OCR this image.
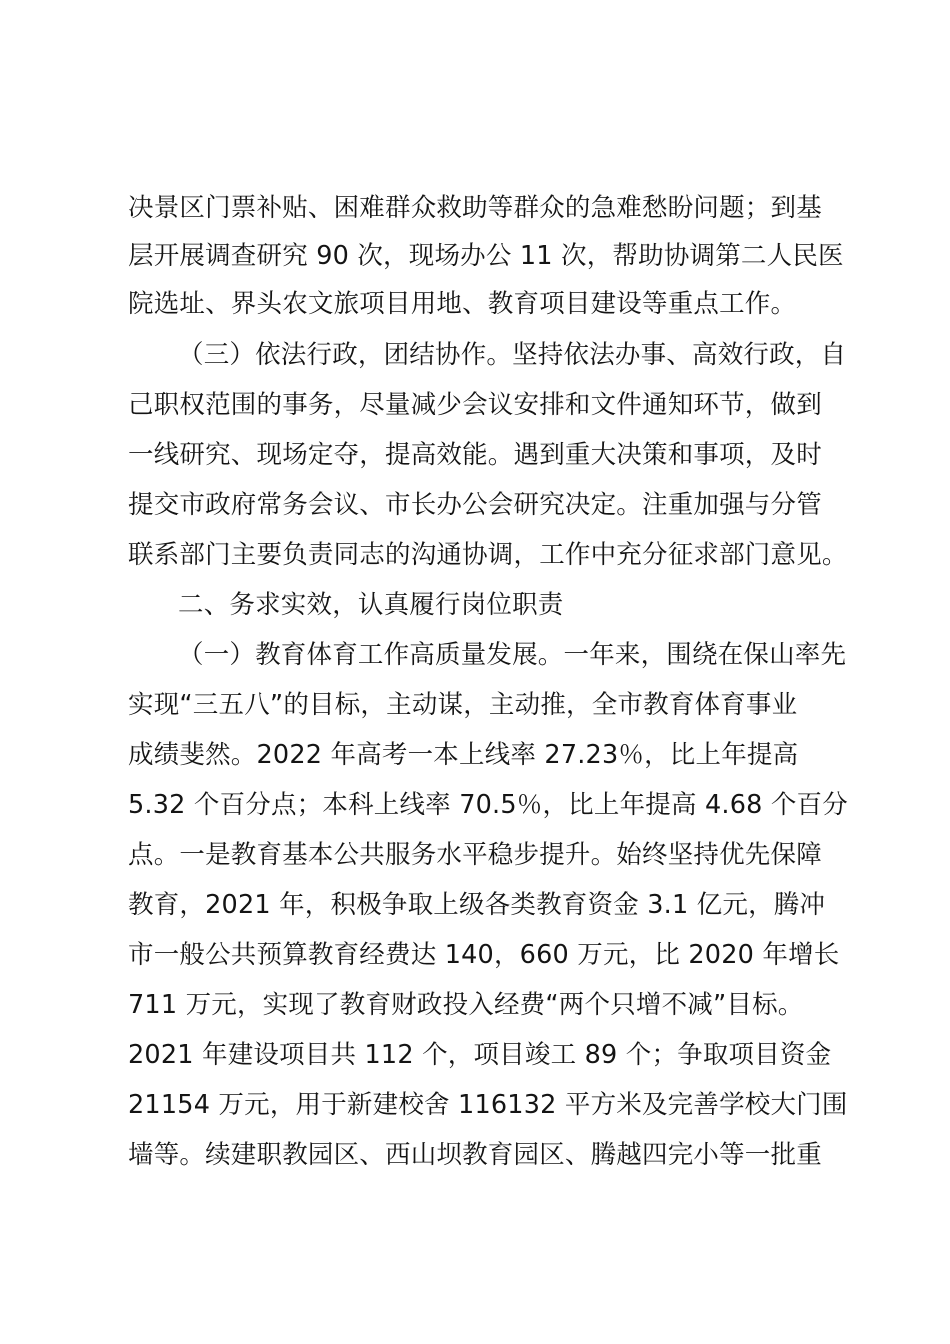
决景区门票补贴、困难群众救助等群众的急难愁盼问题；到基
层开展调查研究 90 次，现场办公 11 次，帮助协调第二人民医
院选址、界头农文旅项目用地、教育项目建设等重点工作。
（三）依法行政，团结协作。坚持依法办事、高效行政，自
己职权范围的事务，尽量减少会议安排和文件通知环节，做到
一线研究、现场定夺，提高效能。遇到重大决策和事项，及时
提交市政府常务会议、市长办公会研究决定。注重加强与分管
联系部门主要负责同志的沟通协调，工作中充分征求部门意见。
二、务求实效，认真履行岗位职责
（一）教育体育工作高质量发展。一年来，围绕在保山率先
实现“三五八”的目标，主动谋，主动推，全市教育体育事业
成绩斐然。2022 年高考一本上线率 27.23％，比上年提高
5.32 个百分点；本科上线率 70.5％，比上年提高 4.68 个百分
点。一是教育基本公共服务水平稳步提升。始终坚持优先保障
教育，2021 年，积极争取上级各类教育资金 3.1 亿元，腾冲
市一般公共预算教育经费达 140，660 万元，比 2020 年增长
711 万元，实现了教育财政投入经费“两个只增不减”目标。
2021 年建设项目共 112 个，项目竣工 89 个；争取项目资金
21154 万元，用于新建校舍 116132 平方米及完善学校大门围
墙等。续建职教园区、西山坝教育园区、腾越四完小等一批重
